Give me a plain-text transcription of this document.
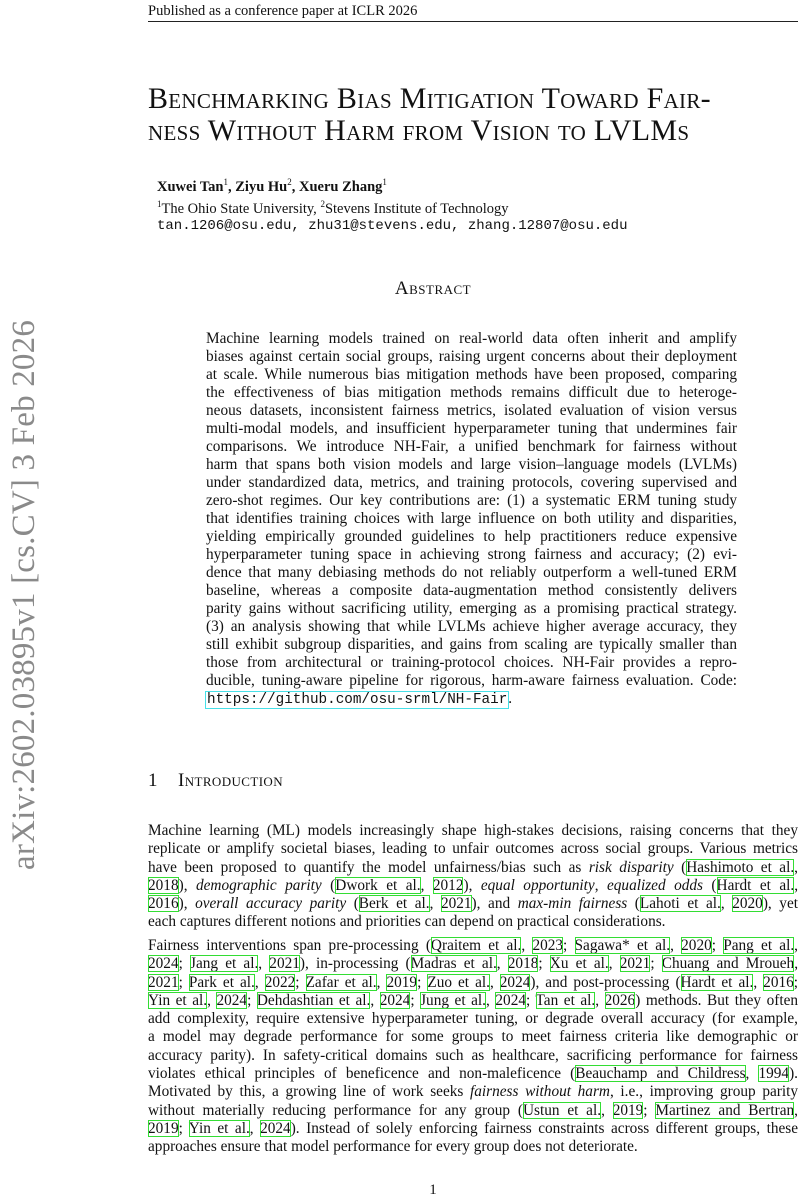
Published as a conference paper at ICLR 2026
arXiv:2602.03895v1 [cs.CV] 3 Feb 2026
Benchmarking Bias Mitigation Toward Fair-
ness Without Harm from Vision to LVLMs
Xuwei Tan$^1$, Ziyu Hu$^2$, Xueru Zhang$^1$
$^1$The Ohio State University, $^2$Stevens Institute of Technology
tan.1206@osu.edu, zhu31@stevens.edu, zhang.12807@osu.edu
Abstract
Machine learning models trained on real-world data often inherit and amplify
biases against certain social groups, raising urgent concerns about their deployment
at scale. While numerous bias mitigation methods have been proposed, comparing
the effectiveness of bias mitigation methods remains difficult due to heteroge-
neous datasets, inconsistent fairness metrics, isolated evaluation of vision versus
multi-modal models, and insufficient hyperparameter tuning that undermines fair
comparisons. We introduce NH-Fair, a unified benchmark for fairness without
harm that spans both vision models and large vision–language models (LVLMs)
under standardized data, metrics, and training protocols, covering supervised and
zero-shot regimes. Our key contributions are: (1) a systematic ERM tuning study
that identifies training choices with large influence on both utility and disparities,
yielding empirically grounded guidelines to help practitioners reduce expensive
hyperparameter tuning space in achieving strong fairness and accuracy; (2) evi-
dence that many debiasing methods do not reliably outperform a well-tuned ERM
baseline, whereas a composite data-augmentation method consistently delivers
parity gains without sacrificing utility, emerging as a promising practical strategy.
(3) an analysis showing that while LVLMs achieve higher average accuracy, they
still exhibit subgroup disparities, and gains from scaling are typically smaller than
those from architectural or training-protocol choices. NH-Fair provides a repro-
ducible, tuning-aware pipeline for rigorous, harm-aware fairness evaluation. Code:
https://github.com/osu-srml/NH-Fair.
1 Introduction
Machine learning (ML) models increasingly shape high-stakes decisions, raising concerns that they
replicate or amplify societal biases, leading to unfair outcomes across social groups. Various metrics
have been proposed to quantify the model unfairness/bias such as risk disparity (Hashimoto et al.,
2018), demographic parity (Dwork et al., 2012), equal opportunity, equalized odds (Hardt et al.,
2016), overall accuracy parity (Berk et al., 2021), and max-min fairness (Lahoti et al., 2020), yet
each captures different notions and priorities can depend on practical considerations.
Fairness interventions span pre-processing (Qraitem et al., 2023; Sagawa* et al., 2020; Pang et al.,
2024; Jang et al., 2021), in-processing (Madras et al., 2018; Xu et al., 2021; Chuang and Mroueh,
2021; Park et al., 2022; Zafar et al., 2019; Zuo et al., 2024), and post-processing (Hardt et al., 2016;
Yin et al., 2024; Dehdashtian et al., 2024; Jung et al., 2024; Tan et al., 2026) methods. But they often
add complexity, require extensive hyperparameter tuning, or degrade overall accuracy (for example,
a model may degrade performance for some groups to meet fairness criteria like demographic or
accuracy parity). In safety-critical domains such as healthcare, sacrificing performance for fairness
violates ethical principles of beneficence and non-maleficence (Beauchamp and Childress, 1994).
Motivated by this, a growing line of work seeks fairness without harm, i.e., improving group parity
without materially reducing performance for any group (Ustun et al., 2019; Martinez and Bertran,
2019; Yin et al., 2024). Instead of solely enforcing fairness constraints across different groups, these
approaches ensure that model performance for every group does not deteriorate.
1
